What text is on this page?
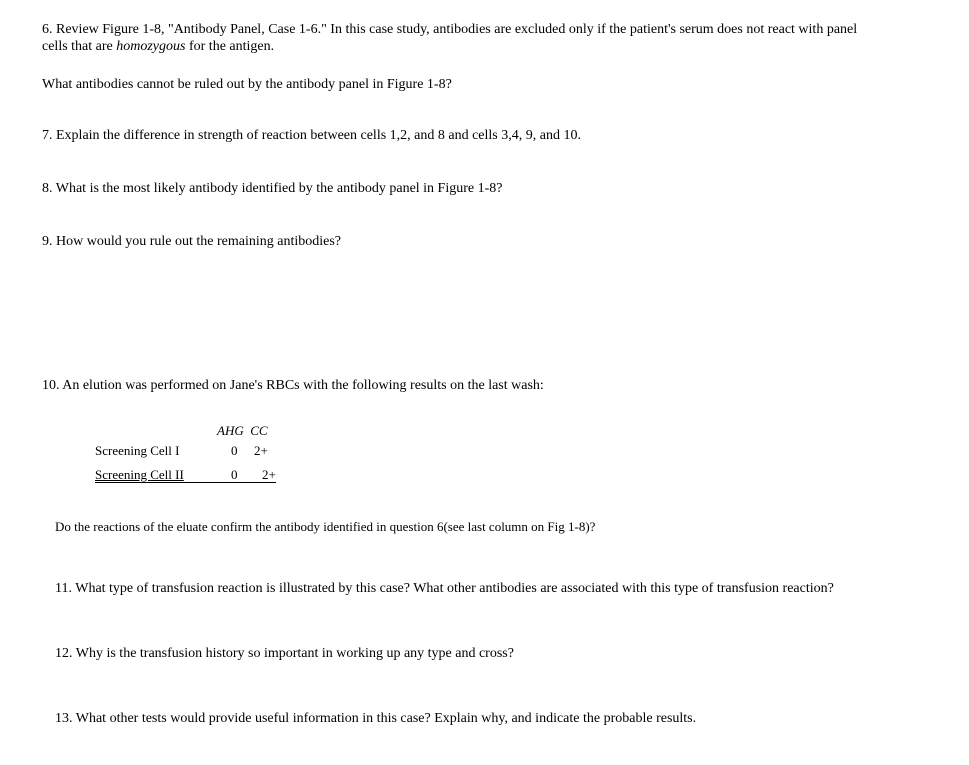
6. Review Figure 1-8, "Antibody Panel, Case 1-6." In this case study, antibodies are excluded only if the patient's serum does not react with panel
cells that are homozygous for the antigen.
What antibodies cannot be ruled out by the antibody panel in Figure 1-8?
7. Explain the difference in strength of reaction between cells 1,2, and 8 and cells 3,4, 9, and 10.
8. What is the most likely antibody identified by the antibody panel in Figure 1-8?
9. How would you rule out the remaining antibodies?
10. An elution was performed on Jane's RBCs with the following results on the last wash:
AHG CC
Screening Cell I	0 2+
Screening Cell II	0 2+
Do the reactions of the eluate confirm the antibody identified in question 6(see last column on Fig 1-8)?
11. What type of transfusion reaction is illustrated by this case? What other antibodies are associated with this type of transfusion reaction?
12. Why is the transfusion history so important in working up any type and cross?
13. What other tests would provide useful information in this case? Explain why, and indicate the probable results.
